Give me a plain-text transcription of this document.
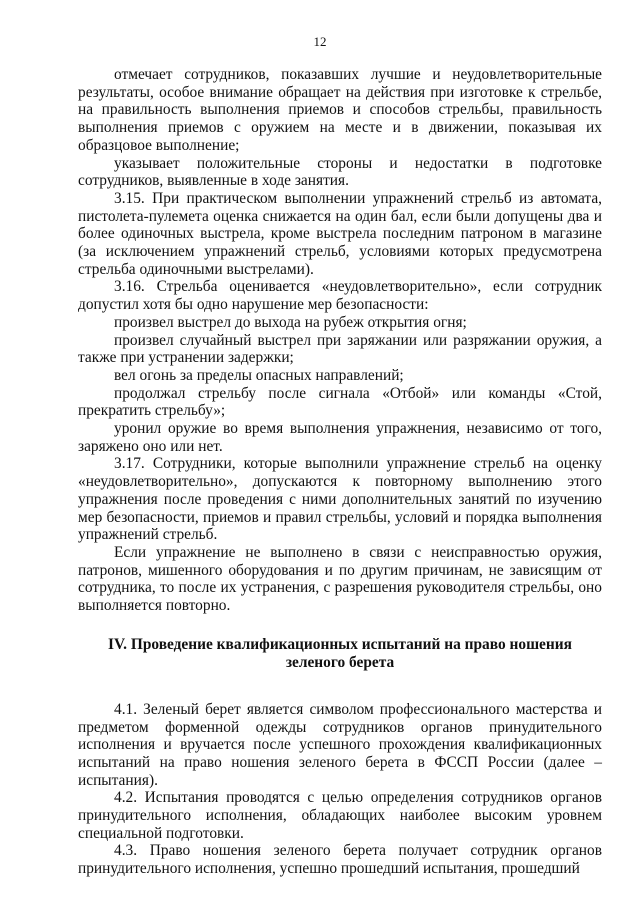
12

отмечает сотрудников, показавших лучшие и неудовлетворительные результаты, особое внимание обращает на действия при изготовке к стрельбе, на правильность выполнения приемов и способов стрельбы, правильность выполнения приемов с оружием на месте и в движении, показывая их образцовое выполнение;

указывает положительные стороны и недостатки в подготовке сотрудников, выявленные в ходе занятия.

3.15. При практическом выполнении упражнений стрельб из автомата, пистолета-пулемета оценка снижается на один бал, если были допущены два и более одиночных выстрела, кроме выстрела последним патроном в магазине (за исключением упражнений стрельб, условиями которых предусмотрена стрельба одиночными выстрелами).

3.16. Стрельба оценивается «неудовлетворительно», если сотрудник допустил хотя бы одно нарушение мер безопасности:

произвел выстрел до выхода на рубеж открытия огня;

произвел случайный выстрел при заряжании или разряжании оружия, а также при устранении задержки;

вел огонь за пределы опасных направлений;

продолжал стрельбу после сигнала «Отбой» или команды «Стой, прекратить стрельбу»;

уронил оружие во время выполнения упражнения, независимо от того, заряжено оно или нет.

3.17. Сотрудники, которые выполнили упражнение стрельб на оценку «неудовлетворительно», допускаются к повторному выполнению этого упражнения после проведения с ними дополнительных занятий по изучению мер безопасности, приемов и правил стрельбы, условий и порядка выполнения упражнений стрельб.

Если упражнение не выполнено в связи с неисправностью оружия, патронов, мишенного оборудования и по другим причинам, не зависящим от сотрудника, то после их устранения, с разрешения руководителя стрельбы, оно выполняется повторно.

IV. Проведение квалификационных испытаний на право ношения
зеленого берета

4.1. Зеленый берет является символом профессионального мастерства и предметом форменной одежды сотрудников органов принудительного исполнения и вручается после успешного прохождения квалификационных испытаний на право ношения зеленого берета в ФССП России (далее – испытания).

4.2. Испытания проводятся с целью определения сотрудников органов принудительного исполнения, обладающих наиболее высоким уровнем специальной подготовки.

4.3. Право ношения зеленого берета получает сотрудник органов принудительного исполнения, успешно прошедший испытания, прошедший
